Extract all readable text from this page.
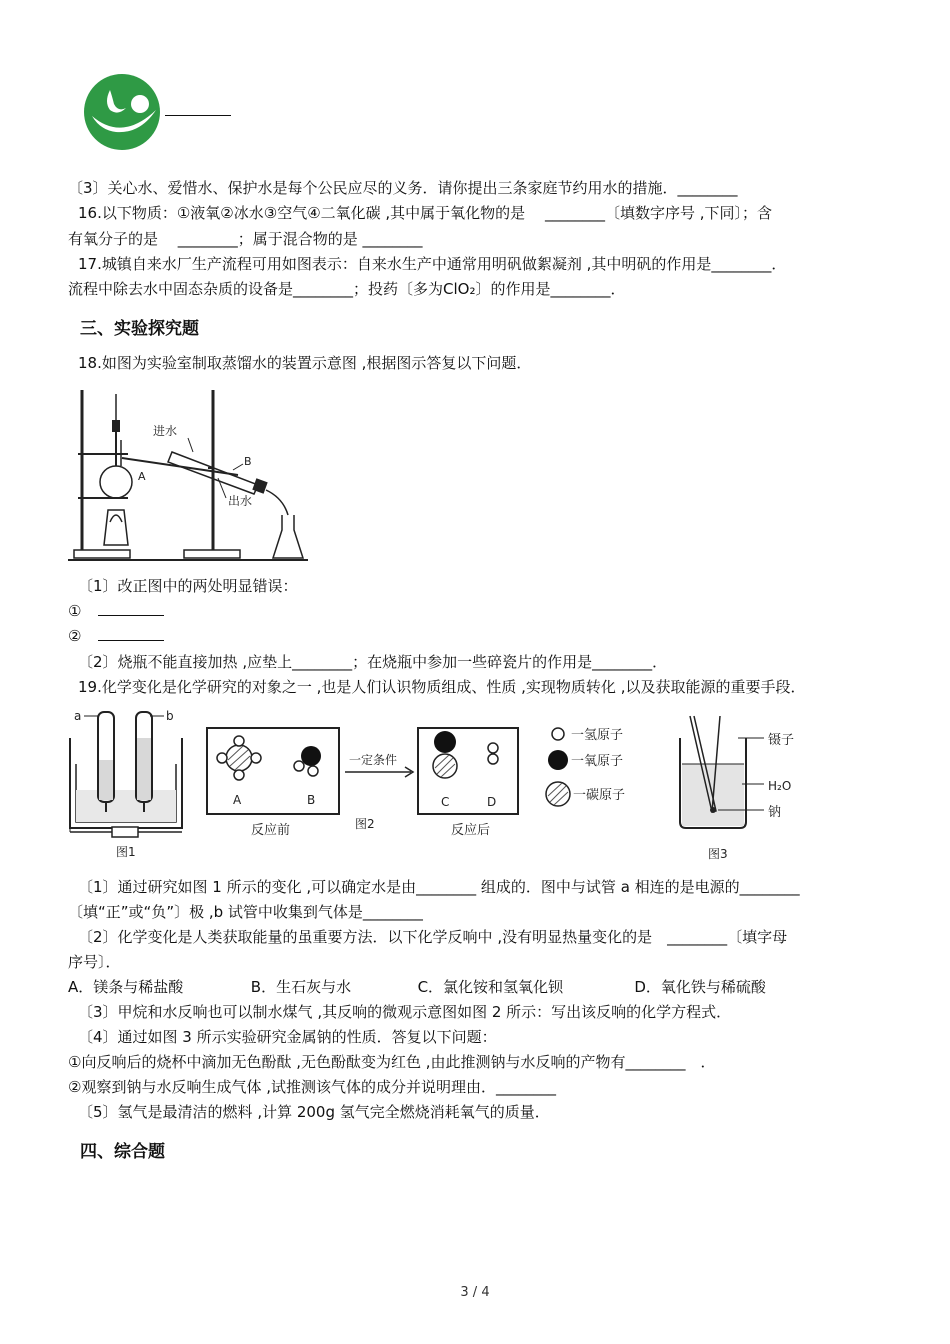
〔3〕关心水、爱惜水、保护水是每个公民应尽的义务．请你提出三条家庭节约用水的措施．________
16.以下物质：①液氧②冰水③空气④二氧化碳 ,其中属于氧化物的是　 ________〔填数字序号 ,下同〕；含
有氧分子的是　 ________；属于混合物的是 ________
17.城镇自来水厂生产流程可用如图表示：自来水生产中通常用明矾做絮凝剂 ,其中明矾的作用是________．
流程中除去水中固态杂质的设备是________；投药〔多为ClO₂〕的作用是________．
三、实验探究题
18.如图为实验室制取蒸馏水的装置示意图 ,根据图示答复以下问题．
A
进水
出水
B
〔1〕改正图中的两处明显错误：
①
②
〔2〕烧瓶不能直接加热 ,应垫上________；在烧瓶中参加一些碎瓷片的作用是________．
19.化学变化是化学研究的对象之一 ,也是人们认识物质组成、性质 ,实现物质转化 ,以及获取能源的重要手段．
a	b
图1
A	B
一定条件
C	D
反应前	图2	反应后
一氢原子
一氧原子
一碳原子
镊子
H₂O
钠
图3
〔1〕通过研究如图 1 所示的变化 ,可以确定水是由________ 组成的．图中与试管 a 相连的是电源的________
〔填“正”或“负”〕极 ,b 试管中收集到气体是________
〔2〕化学变化是人类获取能量的虽重要方法．以下化学反响中 ,没有明显热量变化的是　________〔填字母
序号〕．
A．镁条与稀盐酸	B．生石灰与水	C．氯化铵和氢氧化钡	D．氧化铁与稀硫酸
〔3〕甲烷和水反响也可以制水煤气 ,其反响的微观示意图如图 2 所示：写出该反响的化学方程式．
〔4〕通过如图 3 所示实验研究金属钠的性质．答复以下问题：
①向反响后的烧杯中滴加无色酚酞 ,无色酚酞变为红色 ,由此推测钠与水反响的产物有________　．
②观察到钠与水反响生成气体 ,试推测该气体的成分并说明理由．________
〔5〕氢气是最清洁的燃料 ,计算 200g 氢气完全燃烧消耗氧气的质量．
四、综合题
3 / 4
